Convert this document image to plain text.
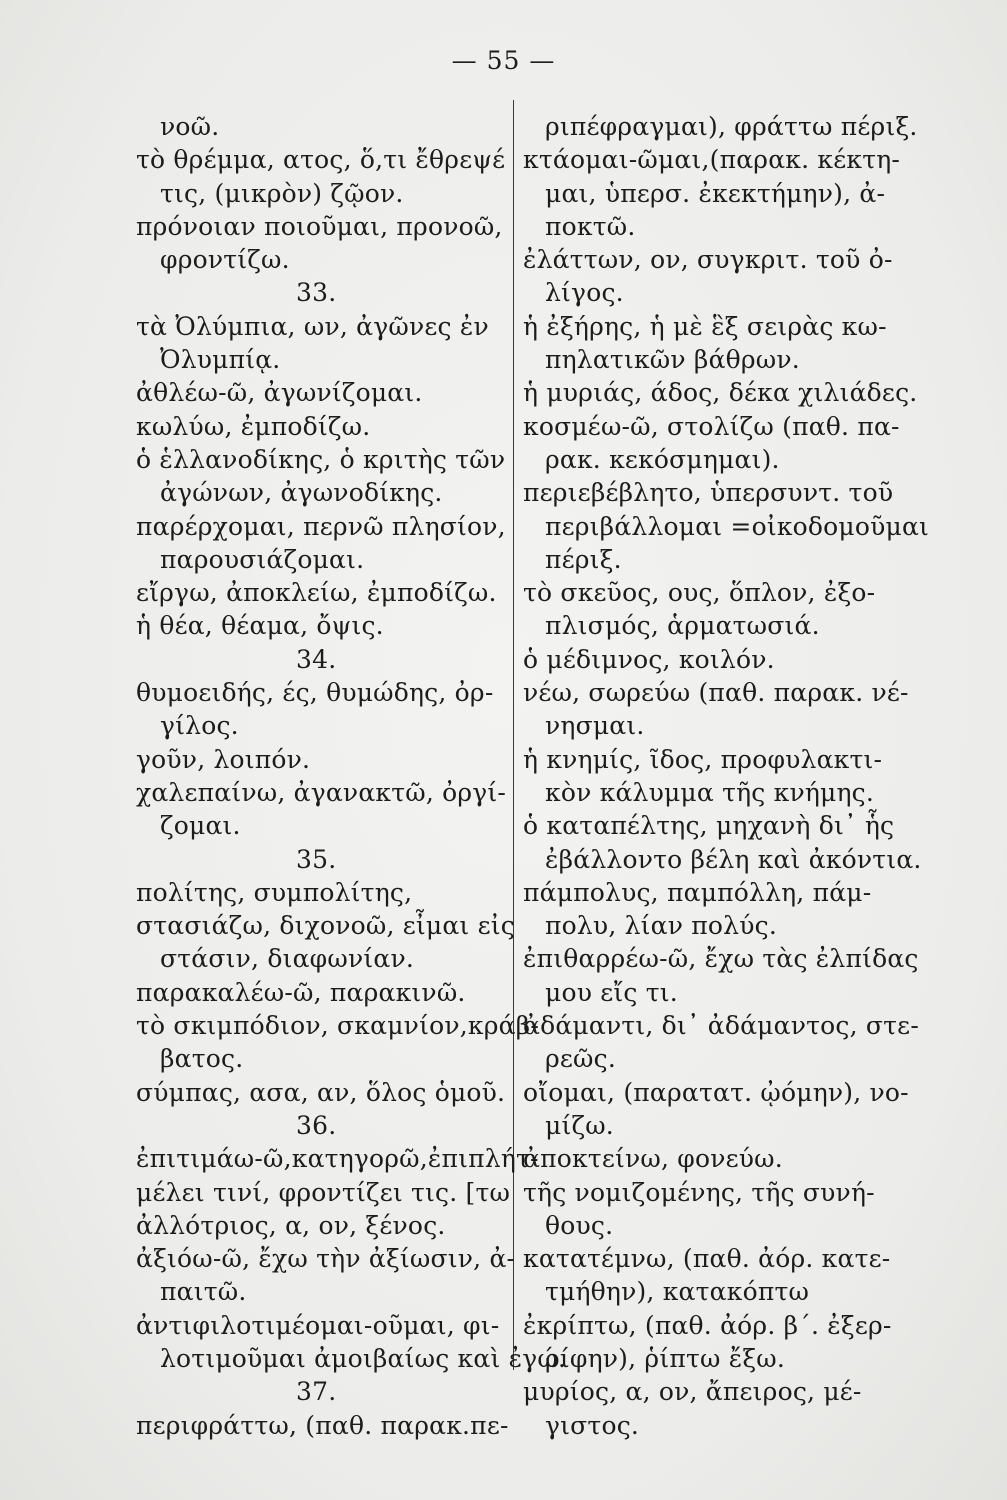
— 55 —
νοῶ.
τὸ θρέμμα, ατος, ὅ,τι ἔθρεψέ
τις, (μικρὸν) ζῷον.
πρόνοιαν ποιοῦμαι, προνοῶ,
φροντίζω.
33.
τὰ Ὀλύμπια, ων, ἀγῶνες ἐν
Ὀλυμπίᾳ.
ἀθλέω-ῶ, ἀγωνίζομαι.
κωλύω, ἐμποδίζω.
ὁ ἑλλανοδίκης, ὁ κριτὴς τῶν
ἀγώνων, ἀγωνοδίκης.
παρέρχομαι, περνῶ πλησίον,
παρουσιάζομαι.
εἴργω, ἀποκλείω, ἐμποδίζω.
ἡ θέα, θέαμα, ὄψις.
34.
θυμοειδής, ές, θυμώδης, ὀρ-
γίλος.
γοῦν, λοιπόν.
χαλεπαίνω, ἀγανακτῶ, ὀργί-
ζομαι.
35.
πολίτης, συμπολίτης,
στασιάζω, διχονοῶ, εἶμαι εἰς
στάσιν, διαφωνίαν.
παρακαλέω-ῶ, παρακινῶ.
τὸ σκιμπόδιον, σκαμνίον,κράβ-
βατος.
σύμπας, ασα, αν, ὅλος ὁμοῦ.
36.
ἐπιτιμάω-ῶ,κατηγορῶ,ἐπιπλήτ-
μέλει τινί, φροντίζει τις. [τω
ἀλλότριος, α, ον, ξένος.
ἀξιόω-ῶ, ἔχω τὴν ἀξίωσιν, ἀ-
παιτῶ.
ἀντιφιλοτιμέομαι-οῦμαι, φι-
λοτιμοῦμαι ἀμοιβαίως καὶ ἐγώ.
37.
περιφράττω, (παθ. παρακ.πε-
ριπέφραγμαι), φράττω πέριξ.
κτάομαι-ῶμαι,(παρακ. κέκτη-
μαι, ὑπερσ. ἐκεκτήμην), ἀ-
ποκτῶ.
ἐλάττων, ον, συγκριτ. τοῦ ὀ-
λίγος.
ἡ ἐξήρης, ἡ μὲ ἓξ σειρὰς κω-
πηλατικῶν βάθρων.
ἡ μυριάς, άδος, δέκα χιλιάδες.
κοσμέω-ῶ, στολίζω (παθ. πα-
ρακ. κεκόσμημαι).
περιεβέβλητο, ὑπερσυντ. τοῦ
περιβάλλομαι =οἰκοδομοῦμαι
πέριξ.
τὸ σκεῦος, ους, ὅπλον, ἐξο-
πλισμός, ἁρματωσιά.
ὁ μέδιμνος, κοιλόν.
νέω, σωρεύω (παθ. παρακ. νέ-
νησμαι.
ἡ κνημίς, ῖδος, προφυλακτι-
κὸν κάλυμμα τῆς κνήμης.
ὁ καταπέλτης, μηχανὴ δι᾽ ἧς
ἐβάλλοντο βέλη καὶ ἀκόντια.
πάμπολυς, παμπόλλη, πάμ-
πολυ, λίαν πολύς.
ἐπιθαρρέω-ῶ, ἔχω τὰς ἐλπίδας
μου εἴς τι.
ἀδάμαντι, δι᾽ ἀδάμαντος, στε-
ρεῶς.
οἴομαι, (παρατατ. ᾠόμην), νο-
μίζω.
ἀποκτείνω, φονεύω.
τῆς νομιζομένης, τῆς συνή-
θους.
κατατέμνω, (παθ. ἀόρ. κατε-
τμήθην), κατακόπτω
ἐκρίπτω, (παθ. ἀόρ. β΄. ἐξερ-
ρίφην), ῥίπτω ἔξω.
μυρίος, α, ον, ἄπειρος, μέ-
γιστος.
